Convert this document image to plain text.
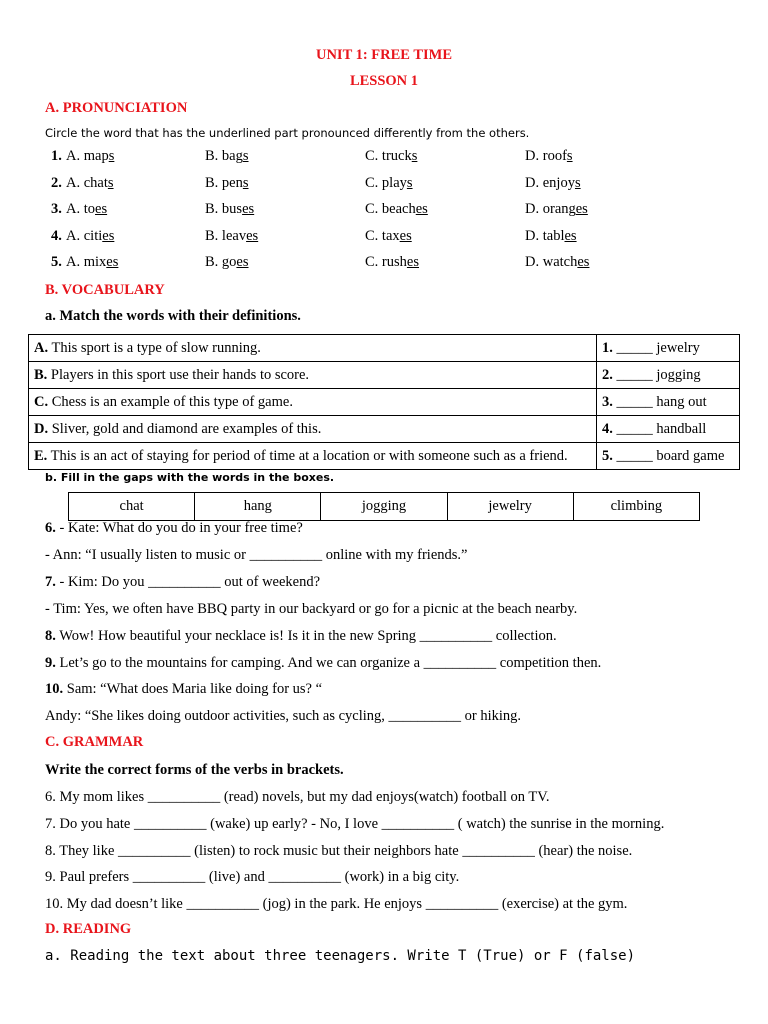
UNIT 1: FREE TIME
LESSON 1
A. PRONUNCIATION
Circle the word that has the underlined part pronounced differently from the others.
1. A. maps	B. bags	C. trucks	D. roofs
2. A. chats	B. pens	C. plays	D. enjoys
3. A. toes	B. buses	C. beaches	D. oranges
4. A. cities	B. leaves	C. taxes	D. tables
5. A. mixes	B. goes	C. rushes	D. watches
B. VOCABULARY
a. Match the words with their definitions.
A. This sport is a type of slow running.	1. _____ jewelry
B. Players in this sport use their hands to score.	2. _____ jogging
C. Chess is an example of this type of game.	3. _____ hang out
D. Sliver, gold and diamond are examples of this.	4. _____ handball
E. This is an act of staying for period of time at a location or with someone such as a friend.	5. _____ board game
b. Fill in the gaps with the words in the boxes.
chat	hang	jogging	jewelry	climbing
6. - Kate: What do you do in your free time?
- Ann: “I usually listen to music or __________ online with my friends.”
7. - Kim: Do you __________ out of weekend?
- Tim: Yes, we often have BBQ party in our backyard or go for a picnic at the beach nearby.
8. Wow! How beautiful your necklace is! Is it in the new Spring __________ collection.
9. Let’s go to the mountains for camping. And we can organize a __________ competition then.
10. Sam: “What does Maria like doing for us? “
Andy: “She likes doing outdoor activities, such as cycling, __________ or hiking.
C. GRAMMAR
Write the correct forms of the verbs in brackets.
6. My mom likes __________ (read) novels, but my dad enjoys(watch) football on TV.
7. Do you hate __________ (wake) up early? - No, I love __________ ( watch) the sunrise in the morning.
8. They like __________ (listen) to rock music but their neighbors hate __________ (hear) the noise.
9. Paul prefers __________ (live) and __________ (work) in a big city.
10. My dad doesn’t like __________ (jog) in the park. He enjoys __________ (exercise) at the gym.
D. READING
a. Reading the text about three teenagers. Write T (True) or F (false)
